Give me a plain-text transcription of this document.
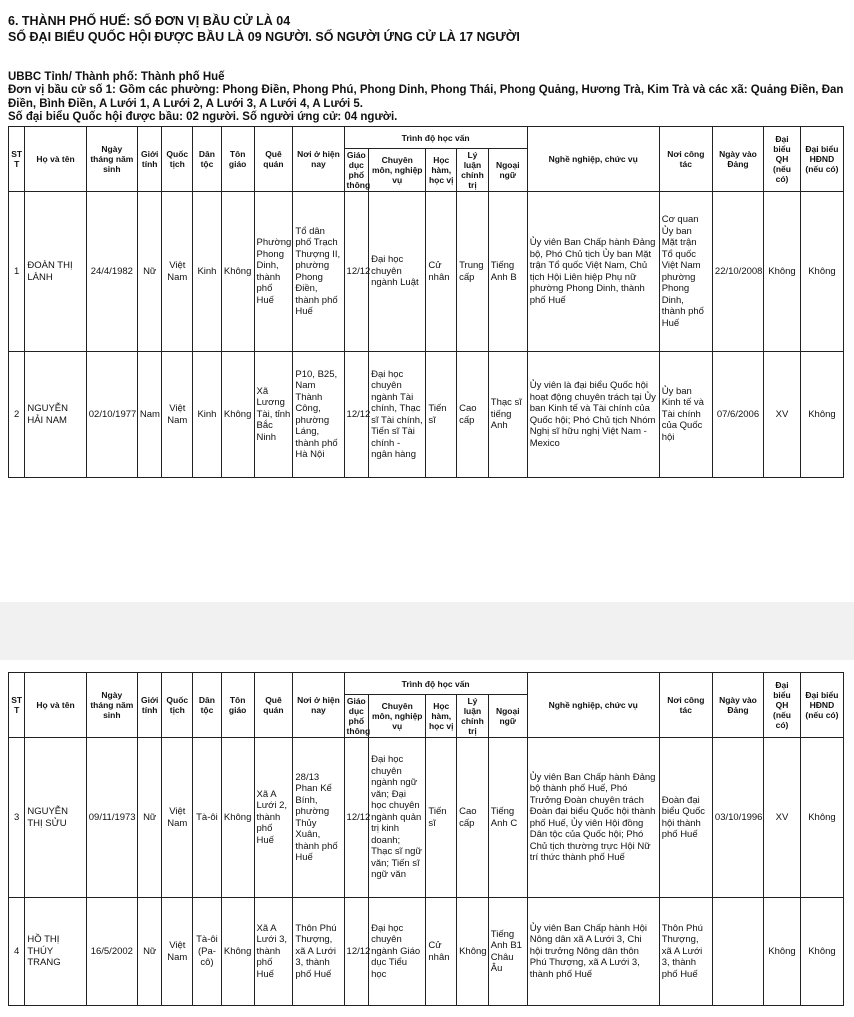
6. THÀNH PHỐ HUẾ: SỐ ĐƠN VỊ BẦU CỬ LÀ 04
SỐ ĐẠI BIỂU QUỐC HỘI ĐƯỢC BẦU LÀ 09 NGƯỜI. SỐ NGƯỜI ỨNG CỬ LÀ 17 NGƯỜI
UBBC Tỉnh/ Thành phố: Thành phố Huế
Đơn vị bầu cử số 1: Gồm các phường: Phong Điền, Phong Phú, Phong Dinh, Phong Thái, Phong Quảng, Hương Trà, Kim Trà và các xã: Quảng Điền, Đan Điền, Bình Điền, A Lưới 1, A Lưới 2, A Lưới 3, A Lưới 4, A Lưới 5.
Số đại biểu Quốc hội được bầu: 02 người. Số người ứng cử: 04 người.
ST T	Họ và tên	Ngày tháng năm sinh	Giới tính	Quốc tịch	Dân tộc	Tôn giáo	Quê quán	Nơi ở hiện nay	Trình độ học vấn					Nghề nghiệp, chức vụ	Nơi công tác	Ngày vào Đảng	Đại biểu QH (nếu có)	Đại biểu HĐND (nếu có)
									Giáo dục phổ thông	Chuyên môn, nghiệp vụ	Học hàm, học vị	Lý luận chính trị	Ngoại ngữ					
1	ĐOÀN THỊ LÀNH	24/4/1982	Nữ	Việt Nam	Kinh	Không	Phường Phong Dinh, thành phố Huế	Tổ dân phố Trạch Thượng II, phường Phong Điền, thành phố Huế	12/12	Đại học chuyên ngành Luật	Cử nhân	Trung cấp	Tiếng Anh B	Ủy viên Ban Chấp hành Đảng bộ, Phó Chủ tịch Ủy ban Mặt trận Tổ quốc Việt Nam, Chủ tịch Hội Liên hiệp Phụ nữ phường Phong Dinh, thành phố Huế	Cơ quan Ủy ban Mặt trận Tổ quốc Việt Nam phường Phong Dinh, thành phố Huế	22/10/2008	Không	Không
2	NGUYỄN HẢI NAM	02/10/1977	Nam	Việt Nam	Kinh	Không	Xã Lương Tài, tỉnh Bắc Ninh	P10, B25, Nam Thành Công, phường Láng, thành phố Hà Nội	12/12	Đại học chuyên ngành Tài chính, Thạc sĩ Tài chính, Tiến sĩ Tài chính - ngân hàng	Tiến sĩ	Cao cấp	Thạc sĩ tiếng Anh	Ủy viên là đại biểu Quốc hội hoạt động chuyên trách tại Ủy ban Kinh tế và Tài chính của Quốc hội; Phó Chủ tịch Nhóm Nghị sĩ hữu nghị Việt Nam - Mexico	Ủy ban Kinh tế và Tài chính của Quốc hội	07/6/2006	XV	Không
ST T	Họ và tên	Ngày tháng năm sinh	Giới tính	Quốc tịch	Dân tộc	Tôn giáo	Quê quán	Nơi ở hiện nay	Trình độ học vấn					Nghề nghiệp, chức vụ	Nơi công tác	Ngày vào Đảng	Đại biểu QH (nếu có)	Đại biểu HĐND (nếu có)
									Giáo dục phổ thông	Chuyên môn, nghiệp vụ	Học hàm, học vị	Lý luận chính trị	Ngoại ngữ					
3	NGUYỄN THỊ SỬU	09/11/1973	Nữ	Việt Nam	Tà-ôi	Không	Xã A Lưới 2, thành phố Huế	28/13 Phan Kế Bính, phường Thủy Xuân, thành phố Huế	12/12	Đại học chuyên ngành ngữ văn; Đại học chuyên ngành quản trị kinh doanh; Thạc sĩ ngữ văn; Tiến sĩ ngữ văn	Tiến sĩ	Cao cấp	Tiếng Anh C	Ủy viên Ban Chấp hành Đảng bộ thành phố Huế, Phó Trưởng Đoàn chuyên trách Đoàn đại biểu Quốc hội thành phố Huế, Ủy viên Hội đồng Dân tộc của Quốc hội; Phó Chủ tịch thường trực Hội Nữ trí thức thành phố Huế	Đoàn đại biểu Quốc hội thành phố Huế	03/10/1996	XV	Không
4	HỒ THỊ THÚY TRANG	16/5/2002	Nữ	Việt Nam	Tà-ôi (Pa-cô)	Không	Xã A Lưới 3, thành phố Huế	Thôn Phú Thượng, xã A Lưới 3, thành phố Huế	12/12	Đại học chuyên ngành Giáo dục Tiểu học	Cử nhân	Không	Tiếng Anh B1 Châu Âu	Ủy viên Ban Chấp hành Hội Nông dân xã A Lưới 3, Chi hội trưởng Nông dân thôn Phú Thượng, xã A Lưới 3, thành phố Huế	Thôn Phú Thượng, xã A Lưới 3, thành phố Huế		Không	Không
